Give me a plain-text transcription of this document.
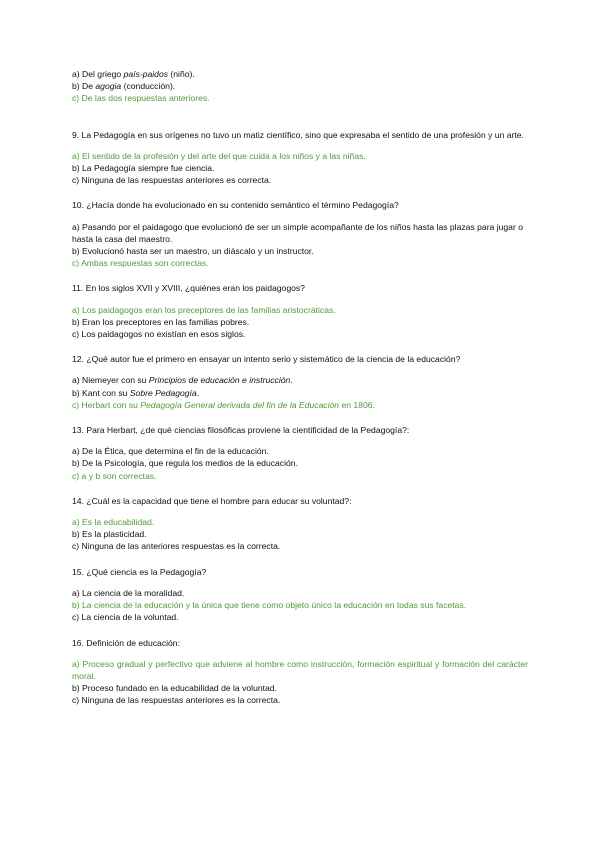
a) Del griego país-paidos (niño).

b) De agogia (conducción).

c) De las dos respuestas anteriores.

9. La Pedagogía en sus orígenes no tuvo un matiz científico, sino que expresaba el sentido de una profesión y un arte.

a) El sentido de la profesión y del arte del que cuida a los niños y a las niñas.

b) La Pedagogía siempre fue ciencia.

c) Ninguna de las respuestas anteriores es correcta.

10. ¿Hacía donde ha evolucionado en su contenido semántico el término Pedagogía?

a) Pasando por el paidagogo que evolucionó de ser un simple acompañante de los niños hasta las plazas para jugar o hasta la casa del maestro.

b) Evolucionó hasta ser un maestro, un diáscalo y un instructor.

c) Ambas respuestas son correctas.

11. En los siglos XVII y XVIII, ¿quiénes eran los paidagogos?

a) Los paidagogos eran los preceptores de las familias aristocráticas.

b) Eran los preceptores en las familias pobres.

c) Los paidagogos no existían en esos siglos.

12. ¿Qué autor fue el primero en ensayar un intento serio y sistemático de la ciencia de la educación?

a) Niemeyer con su Principios de educación e instrucción.

b) Kant con su Sobre Pedagogía.

c) Herbart con su Pedagogía General derivada del fin de la Educación en 1806.

13. Para Herbart, ¿de qué ciencias filosóficas proviene la cientificidad de la Pedagogía?:

a) De la Ética, que determina el fin de la educación.

b) De la Psicología, que regula los medios de la educación.

c) a y b son correctas.

14. ¿Cuál es la capacidad que tiene el hombre para educar su voluntad?:

a) Es la educabilidad.

b) Es la plasticidad.

c) Ninguna de las anteriores respuestas es la correcta.

15. ¿Qué ciencia es la Pedagogía?

a) La ciencia de la moralidad.

b) La ciencia de la educación y la única que tiene como objeto único la educación en todas sus facetas.

c) La ciencia de la voluntad.

16. Definición de educación:

a) Proceso gradual y perfectivo que adviene al hombre como instrucción, formación espiritual y formación del carácter moral.

b) Proceso fundado en la educabilidad de la voluntad.

c) Ninguna de las respuestas anteriores es la correcta.
